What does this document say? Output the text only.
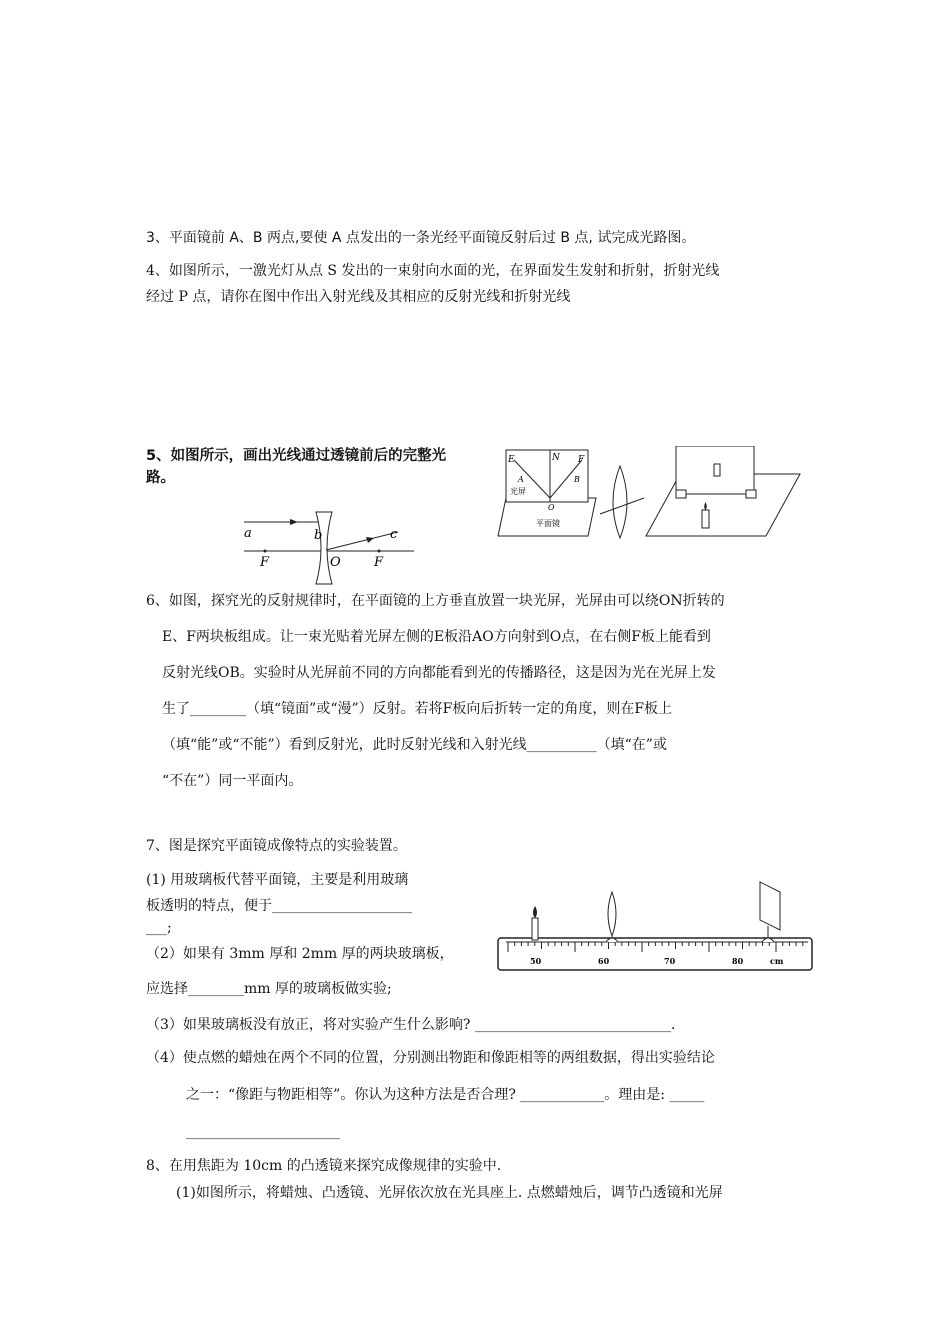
3、平面镜前 A、B 两点,要使 A 点发出的一条光经平面镜反射后过 B 点, 试完成光路图。
4、如图所示，一激光灯从点 S 发出的一束射向水面的光，在界面发生发射和折射，折射光线
经过 P 点，请你在图中作出入射光线及其相应的反射光线和折射光线
5、如图所示，画出光线通过透镜前后的完整光
路。
a	b	c
O
F	F
E	N F
A	B
O
光屏
平面镜
6、如图，探究光的反射规律时，在平面镜的上方垂直放置一块光屏，光屏由可以绕ON折转的
E、F两块板组成。让一束光贴着光屏左侧的E板沿AO方向射到O点，在右侧F板上能看到
反射光线OB。实验时从光屏前不同的方向都能看到光的传播路径，这是因为光在光屏上发
生了________（填“镜面”或“漫”）反射。若将F板向后折转一定的角度，则在F板上
（填“能”或“不能”）看到反射光，此时反射光线和入射光线__________（填“在”或
“不在”）同一平面内。
7、图是探究平面镜成像特点的实验装置。
(1) 用玻璃板代替平面镜，主要是利用玻璃
板透明的特点，便于____________________
___;
（2）如果有 3mm 厚和 2mm 厚的两块玻璃板，
应选择________mm 厚的玻璃板做实验;
50	60	70	80	cm
（3）如果玻璃板没有放正，将对实验产生什么影响? ____________________________.
（4）使点燃的蜡烛在两个不同的位置，分别测出物距和像距相等的两组数据，得出实验结论
之一：“像距与物距相等”。你认为这种方法是否合理? ____________。理由是: _____
______________________
8、在用焦距为 10cm 的凸透镜来探究成像规律的实验中.
(1)如图所示，将蜡烛、凸透镜、光屏依次放在光具座上. 点燃蜡烛后，调节凸透镜和光屏
